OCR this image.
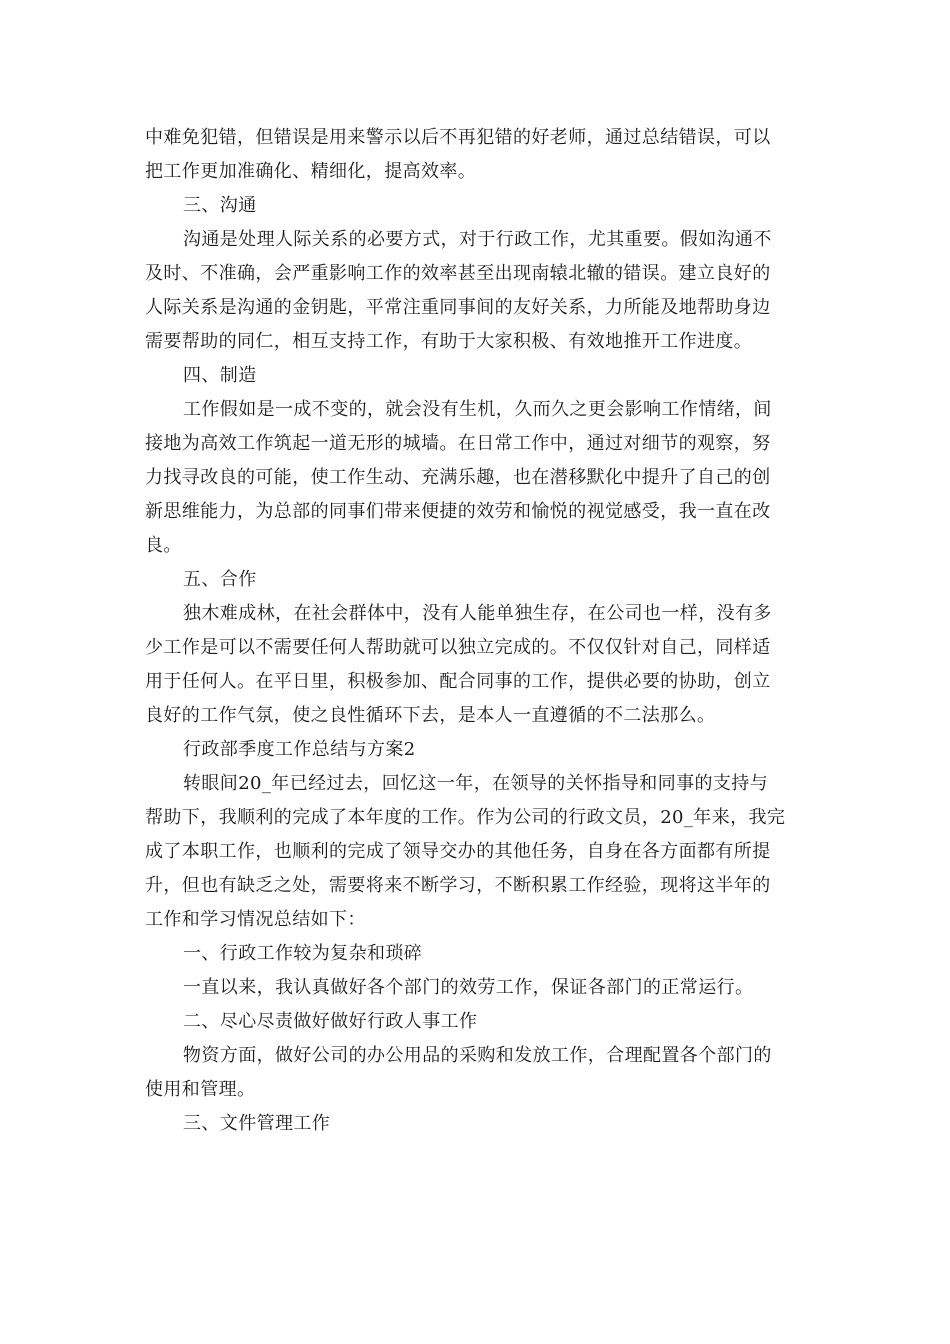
中难免犯错，但错误是用来警示以后不再犯错的好老师，通过总结错误，可以
把工作更加准确化、精细化，提高效率。
三、沟通
沟通是处理人际关系的必要方式，对于行政工作，尤其重要。假如沟通不
及时、不准确，会严重影响工作的效率甚至出现南辕北辙的错误。建立良好的
人际关系是沟通的金钥匙，平常注重同事间的友好关系，力所能及地帮助身边
需要帮助的同仁，相互支持工作，有助于大家积极、有效地推开工作进度。
四、制造
工作假如是一成不变的，就会没有生机，久而久之更会影响工作情绪，间
接地为高效工作筑起一道无形的城墙。在日常工作中，通过对细节的观察，努
力找寻改良的可能，使工作生动、充满乐趣，也在潜移默化中提升了自己的创
新思维能力，为总部的同事们带来便捷的效劳和愉悦的视觉感受，我一直在改
良。
五、合作
独木难成林，在社会群体中，没有人能单独生存，在公司也一样，没有多
少工作是可以不需要任何人帮助就可以独立完成的。不仅仅针对自己，同样适
用于任何人。在平日里，积极参加、配合同事的工作，提供必要的协助，创立
良好的工作气氛，使之良性循环下去，是本人一直遵循的不二法那么。
行政部季度工作总结与方案2
转眼间20_年已经过去，回忆这一年，在领导的关怀指导和同事的支持与
帮助下，我顺利的完成了本年度的工作。作为公司的行政文员，20_年来，我完
成了本职工作，也顺利的完成了领导交办的其他任务，自身在各方面都有所提
升，但也有缺乏之处，需要将来不断学习，不断积累工作经验，现将这半年的
工作和学习情况总结如下：
一、行政工作较为复杂和琐碎
一直以来，我认真做好各个部门的效劳工作，保证各部门的正常运行。
二、尽心尽责做好做好行政人事工作
物资方面，做好公司的办公用品的采购和发放工作，合理配置各个部门的
使用和管理。
三、文件管理工作
